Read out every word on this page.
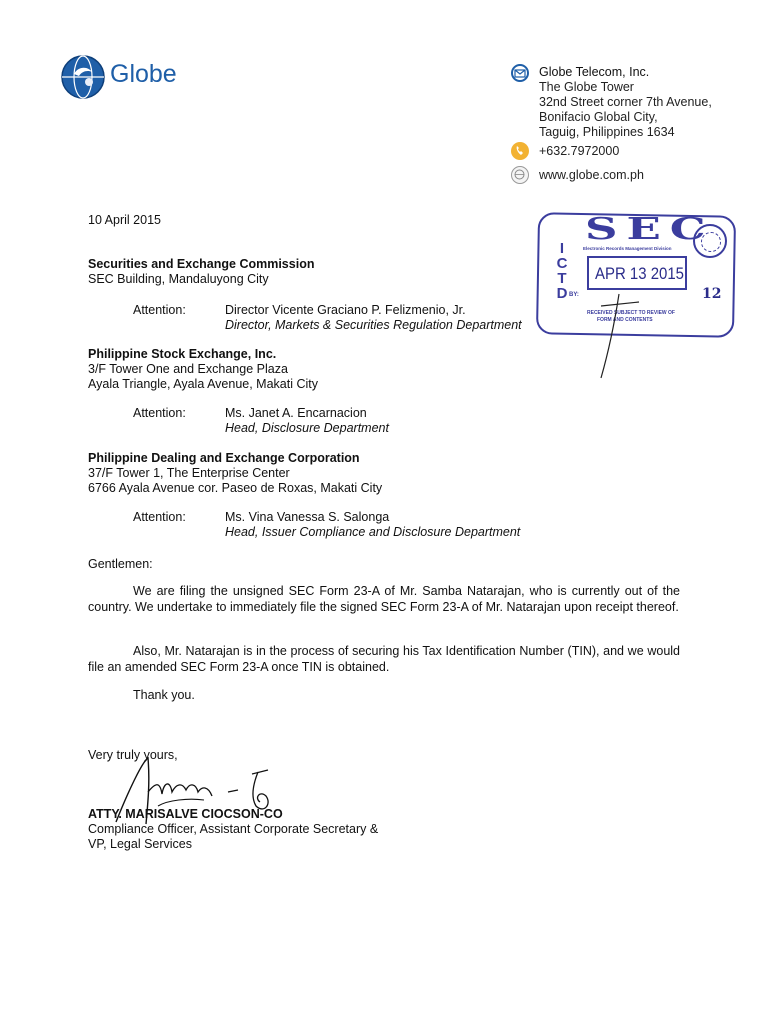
Globe	Globe Telecom, Inc.
The Globe Tower
32nd Street corner 7th Avenue,
Bonifacio Global City,
Taguig, Philippines 1634
+632.7972000
www.globe.com.ph
10 April 2015	SEC
Electronic Records Management Division
I
C
T
D
APR 13 2015
12
BY:
RECEIVED SUBJECT TO REVIEW OF
FORM AND CONTENTS
Securities and Exchange Commission
SEC Building, Mandaluyong City
Attention:	Director Vicente Graciano P. Felizmenio, Jr.
Director, Markets & Securities Regulation Department
Philippine Stock Exchange, Inc.
3/F Tower One and Exchange Plaza
Ayala Triangle, Ayala Avenue, Makati City
Attention:	Ms. Janet A. Encarnacion
Head, Disclosure Department
Philippine Dealing and Exchange Corporation
37/F Tower 1, The Enterprise Center
6766 Ayala Avenue cor. Paseo de Roxas, Makati City
Attention:	Ms. Vina Vanessa S. Salonga
Head, Issuer Compliance and Disclosure Department
Gentlemen:
We are filing the unsigned SEC Form 23-A of Mr. Samba Natarajan, who is currently out of the country. We undertake to immediately file the signed SEC Form 23-A of Mr. Natarajan upon receipt thereof.
Also, Mr. Natarajan is in the process of securing his Tax Identification Number (TIN), and we would file an amended SEC Form 23-A once TIN is obtained.
Thank you.
Very truly yours,
ATTY. MARISALVE CIOCSON-CO
Compliance Officer, Assistant Corporate Secretary &
VP, Legal Services
